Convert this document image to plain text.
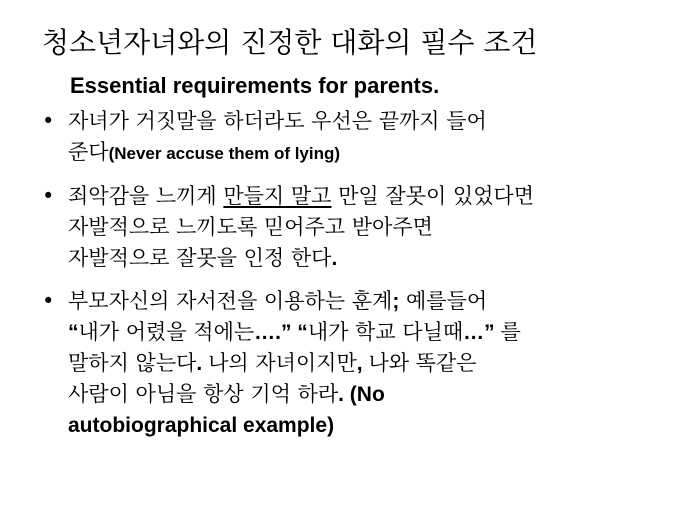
청소년자녀와의 진정한 대화의 필수 조건
Essential requirements for parents.
• 자녀가 거짓말을 하더라도 우선은 끝까지 들어
준다(Never accuse them of lying)
• 죄악감을 느끼게 만들지 말고 만일 잘못이 있었다면
자발적으로 느끼도록 믿어주고 받아주면
자발적으로 잘못을 인정 한다.
• 부모자신의 자서전을 이용하는 훈계; 예를들어
“내가 어렸을 적에는….” “내가 학교 다닐때…” 를
말하지 않는다. 나의 자녀이지만, 나와 똑같은
사람이 아님을 항상 기억 하라. (No
autobiographical example)
